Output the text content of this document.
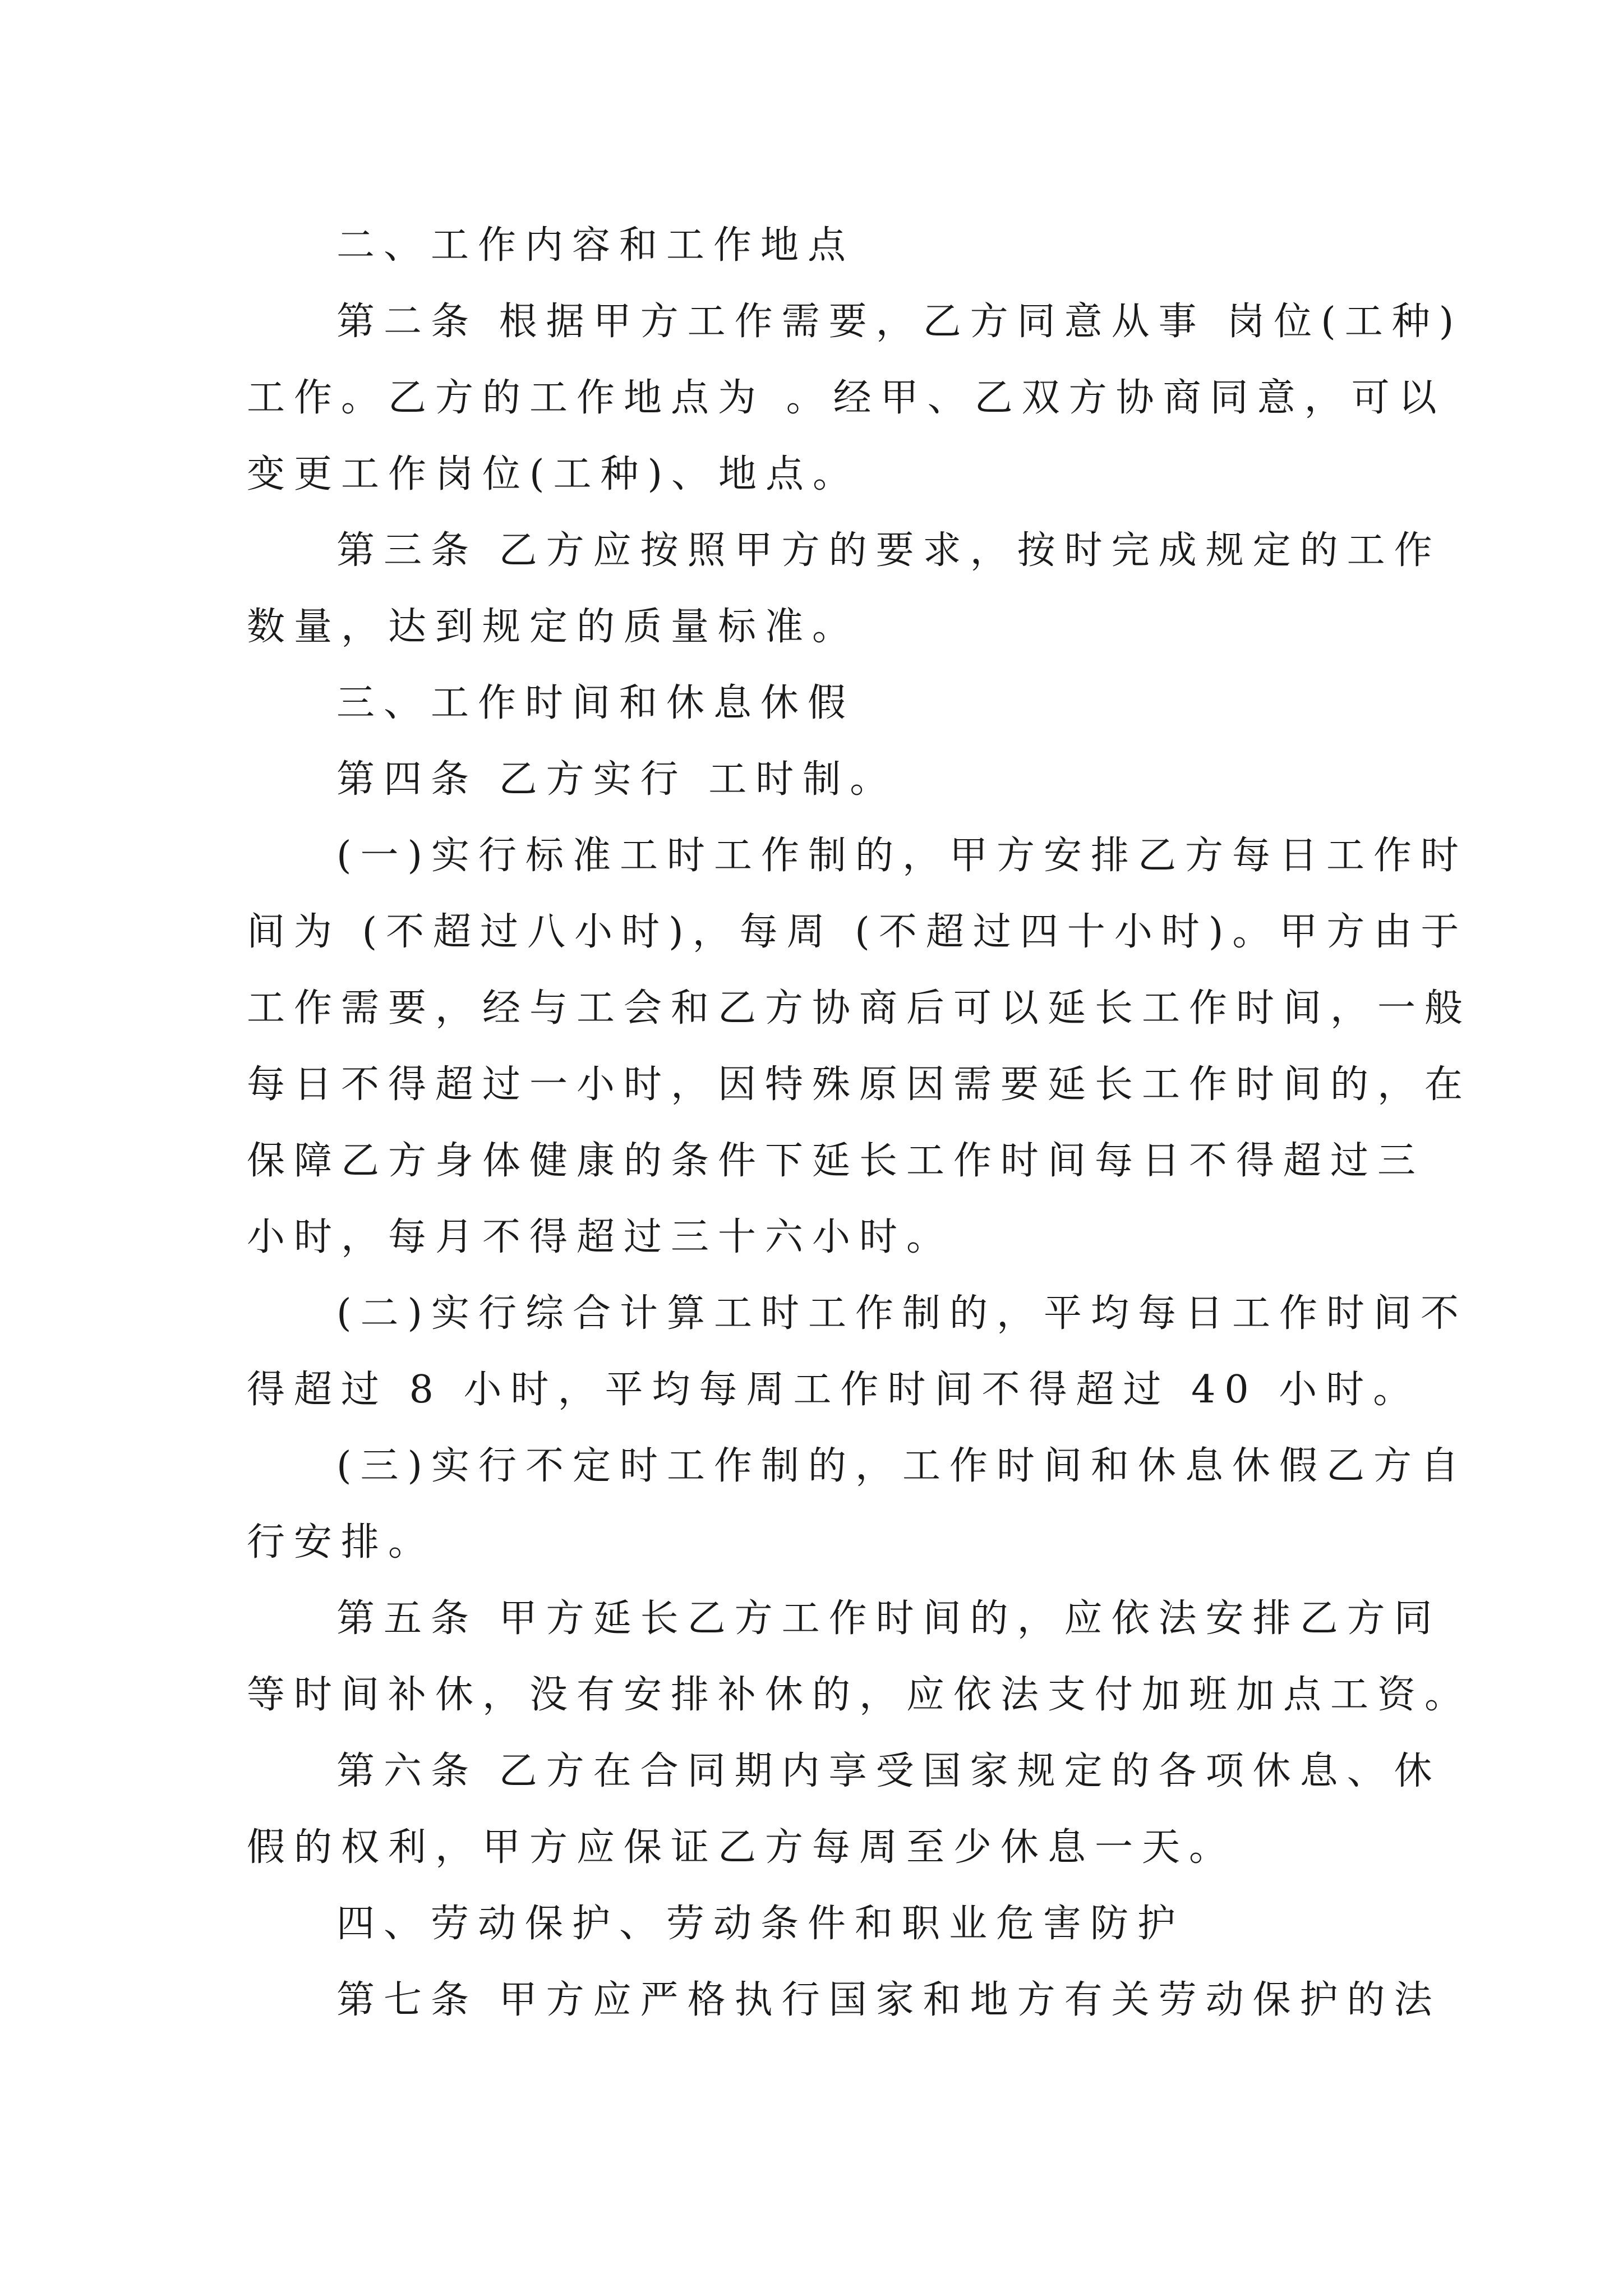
二、工作内容和工作地点
第二条 根据甲方工作需要，乙方同意从事 岗位(工种)
工作。乙方的工作地点为 。经甲、乙双方协商同意，可以
变更工作岗位(工种)、地点。
第三条 乙方应按照甲方的要求，按时完成规定的工作
数量，达到规定的质量标准。
三、工作时间和休息休假
第四条 乙方实行 工时制。
(一)实行标准工时工作制的，甲方安排乙方每日工作时
间为 (不超过八小时)，每周 (不超过四十小时)。甲方由于
工作需要，经与工会和乙方协商后可以延长工作时间，一般
每日不得超过一小时，因特殊原因需要延长工作时间的，在
保障乙方身体健康的条件下延长工作时间每日不得超过三
小时，每月不得超过三十六小时。
(二)实行综合计算工时工作制的，平均每日工作时间不
得超过 8 小时，平均每周工作时间不得超过 40 小时。
(三)实行不定时工作制的，工作时间和休息休假乙方自
行安排。
第五条 甲方延长乙方工作时间的，应依法安排乙方同
等时间补休，没有安排补休的，应依法支付加班加点工资。
第六条 乙方在合同期内享受国家规定的各项休息、休
假的权利，甲方应保证乙方每周至少休息一天。
四、劳动保护、劳动条件和职业危害防护
第七条 甲方应严格执行国家和地方有关劳动保护的法
